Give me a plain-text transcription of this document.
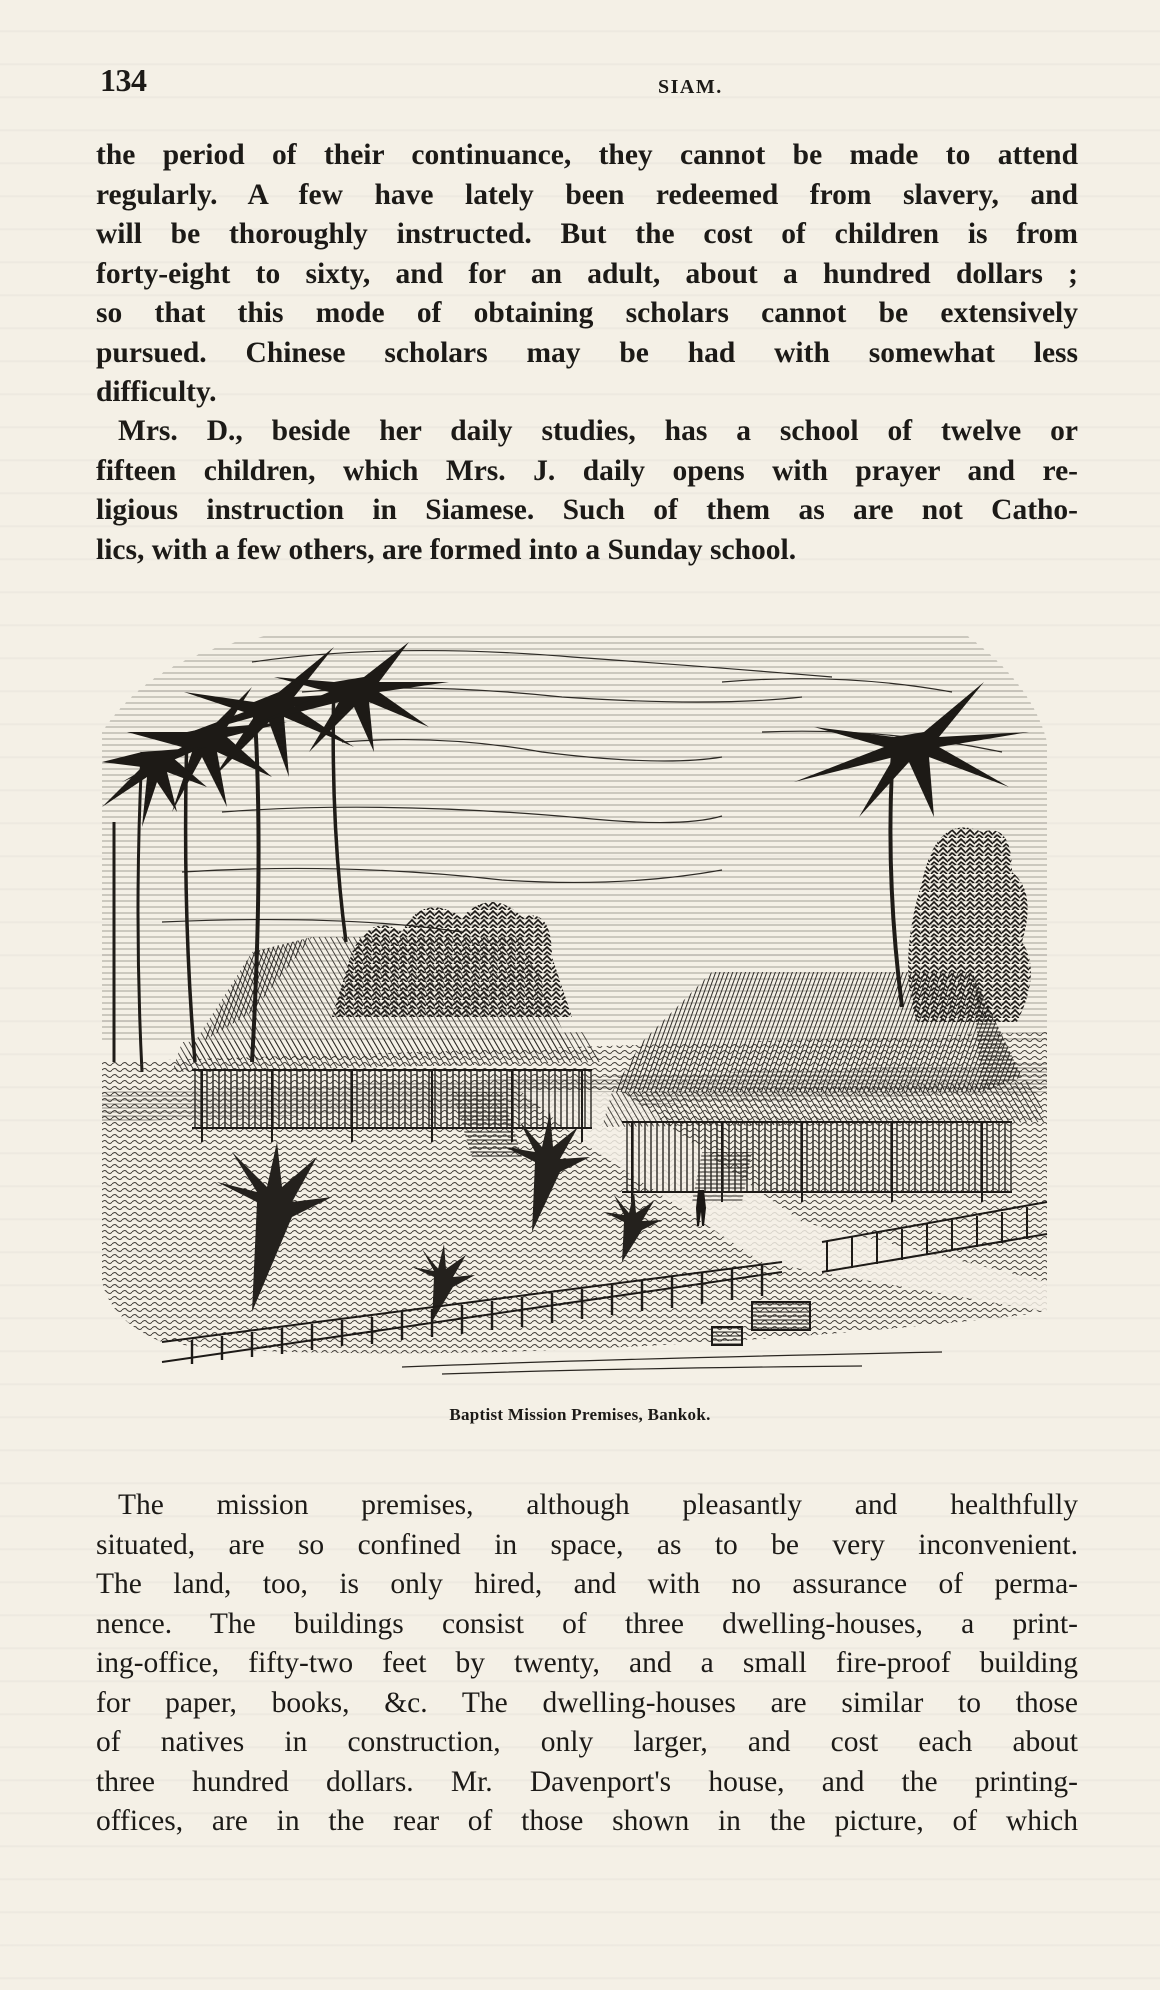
134	SIAM.
the period of their continuance, they cannot be made to attend
regularly. A few have lately been redeemed from slavery, and
will be thoroughly instructed. But the cost of children is from
forty-eight to sixty, and for an adult, about a hundred dollars ;
so that this mode of obtaining scholars cannot be extensively
pursued. Chinese scholars may be had with somewhat less
difficulty.
Mrs. D., beside her daily studies, has a school of twelve or
fifteen children, which Mrs. J. daily opens with prayer and re-
ligious instruction in Siamese. Such of them as are not Catho-
lics, with a few others, are formed into a Sunday school.
Baptist Mission Premises, Bankok.
The mission premises, although pleasantly and healthfully
situated, are so confined in space, as to be very inconvenient.
The land, too, is only hired, and with no assurance of perma-
nence. The buildings consist of three dwelling-houses, a print-
ing-office, fifty-two feet by twenty, and a small fire-proof building
for paper, books, &c. The dwelling-houses are similar to those
of natives in construction, only larger, and cost each about
three hundred dollars. Mr. Davenport's house, and the printing-
offices, are in the rear of those shown in the picture, of which
